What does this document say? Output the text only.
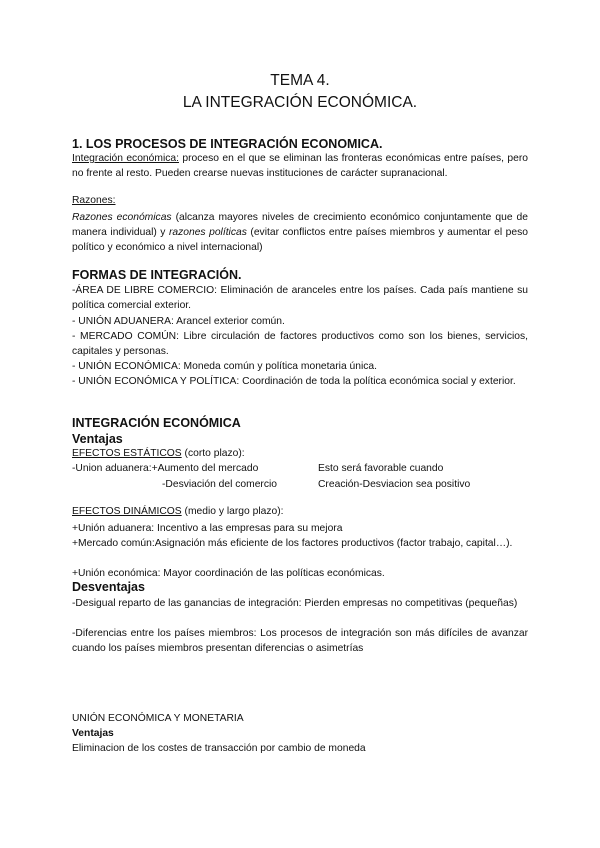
TEMA 4.
LA INTEGRACIÓN ECONÓMICA.
1. LOS PROCESOS DE INTEGRACIÓN ECONOMICA.
Integración económica: proceso en el que se eliminan las fronteras económicas entre países, pero no frente al resto. Pueden crearse nuevas instituciones de carácter supranacional.
Razones:
Razones económicas (alcanza mayores niveles de crecimiento económico conjuntamente que de manera individual) y razones políticas (evitar conflictos entre países miembros y aumentar el peso político y económico a nivel internacional)
FORMAS DE INTEGRACIÓN.
-ÁREA DE LIBRE COMERCIO: Eliminación de aranceles entre los países. Cada país mantiene su política comercial exterior.
- UNIÓN ADUANERA: Arancel exterior común.
- MERCADO COMÚN: Libre circulación de factores productivos como son los bienes, servicios, capitales y personas.
- UNIÓN ECONÓMICA: Moneda común y política monetaria única.
- UNIÓN ECONÓMICA Y POLÍTICA: Coordinación de toda la política económica social y exterior.
INTEGRACIÓN ECONÓMICA
Ventajas
EFECTOS ESTÁTICOS (corto plazo):
-Union aduanera:+Aumento del mercado	Esto será favorable cuando
-Desviación del comercio	Creación-Desviacion sea positivo
EFECTOS DINÁMICOS (medio y largo plazo):
+Unión aduanera: Incentivo a las empresas para su mejora
+Mercado común:Asignación más eficiente de los factores productivos (factor trabajo, capital…).
+Unión económica: Mayor coordinación de las políticas económicas.
Desventajas
-Desigual reparto de las ganancias de integración: Pierden empresas no competitivas (pequeñas)
-Diferencias entre los países miembros: Los procesos de integración son más difíciles de avanzar cuando los países miembros presentan diferencias o asimetrías
UNIÓN ECONÓMICA Y MONETARIA
Ventajas
Eliminacion de los costes de transacción por cambio de moneda
